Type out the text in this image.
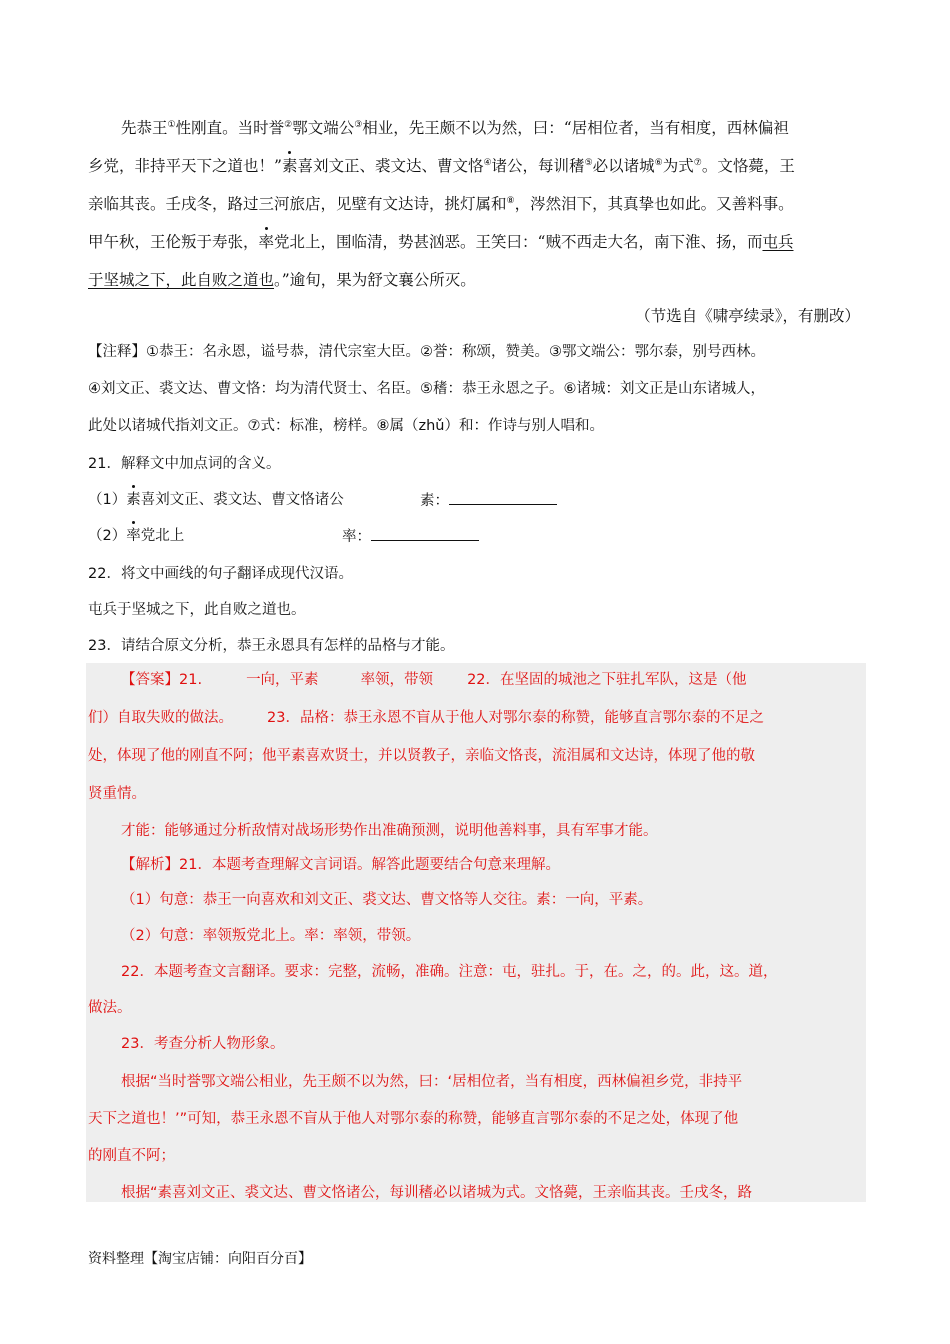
先恭王①性刚直。当时誉②鄂文端公③相业，先王颇不以为然，曰：“居相位者，当有相度，西林偏袒
乡党，非持平天下之道也！”素喜刘文正、裘文达、曹文恪④诸公，每训䅲⑤必以诸城⑥为式⑦。文恪薨，王
亲临其丧。壬戌冬，路过三河旅店，见壁有文达诗，挑灯属和⑧，涔然泪下，其真挚也如此。又善料事。
甲午秋，王伦叛于寿张，率党北上，围临清，势甚汹恶。王笑曰：“贼不西走大名，南下淮、扬，而屯兵
于坚城之下，此自败之道也。”逾旬，果为舒文襄公所灭。
（节选自《啸亭续录》，有删改）
【注释】①恭王：名永恩，谥号恭，清代宗室大臣。②誉：称颂，赞美。③鄂文端公：鄂尔泰，别号西林。
④刘文正、裘文达、曹文恪：均为清代贤士、名臣。⑤䅲：恭王永恩之子。⑥诸城：刘文正是山东诸城人，
此处以诸城代指刘文正。⑦式：标准，榜样。⑧属（zhǔ）和：作诗与别人唱和。
21．解释文中加点词的含义。
（1）素喜刘文正、裘文达、曹文恪诸公	素：
（2）率党北上	率：
22．将文中画线的句子翻译成现代汉语。
屯兵于坚城之下，此自败之道也。
23．请结合原文分析，恭王永恩具有怎样的品格与才能。
【答案】21.	一向，平素	率领，带领 22．在坚固的城池之下驻扎军队，这是（他
们）自取失败的做法。 23．品格：恭王永恩不盲从于他人对鄂尔泰的称赞，能够直言鄂尔泰的不足之
处，体现了他的刚直不阿；他平素喜欢贤士，并以贤教子，亲临文恪丧，流泪属和文达诗，体现了他的敬
贤重情。
才能：能够通过分析敌情对战场形势作出准确预测，说明他善料事，具有军事才能。
【解析】21．本题考查理解文言词语。解答此题要结合句意来理解。
（1）句意：恭王一向喜欢和刘文正、裘文达、曹文恪等人交往。素：一向，平素。
（2）句意：率领叛党北上。率：率领，带领。
22．本题考查文言翻译。要求：完整，流畅，准确。注意：屯，驻扎。于，在。之，的。此，这。道，
做法。
23．考查分析人物形象。
根据“当时誉鄂文端公相业，先王颇不以为然，曰：‘居相位者，当有相度，西林偏袒乡党，非持平
天下之道也！’”可知，恭王永恩不盲从于他人对鄂尔泰的称赞，能够直言鄂尔泰的不足之处，体现了他
的刚直不阿；
根据“素喜刘文正、裘文达、曹文恪诸公，每训䅲必以诸城为式。文恪薨，王亲临其丧。壬戌冬，路
资料整理【淘宝店铺：向阳百分百】
